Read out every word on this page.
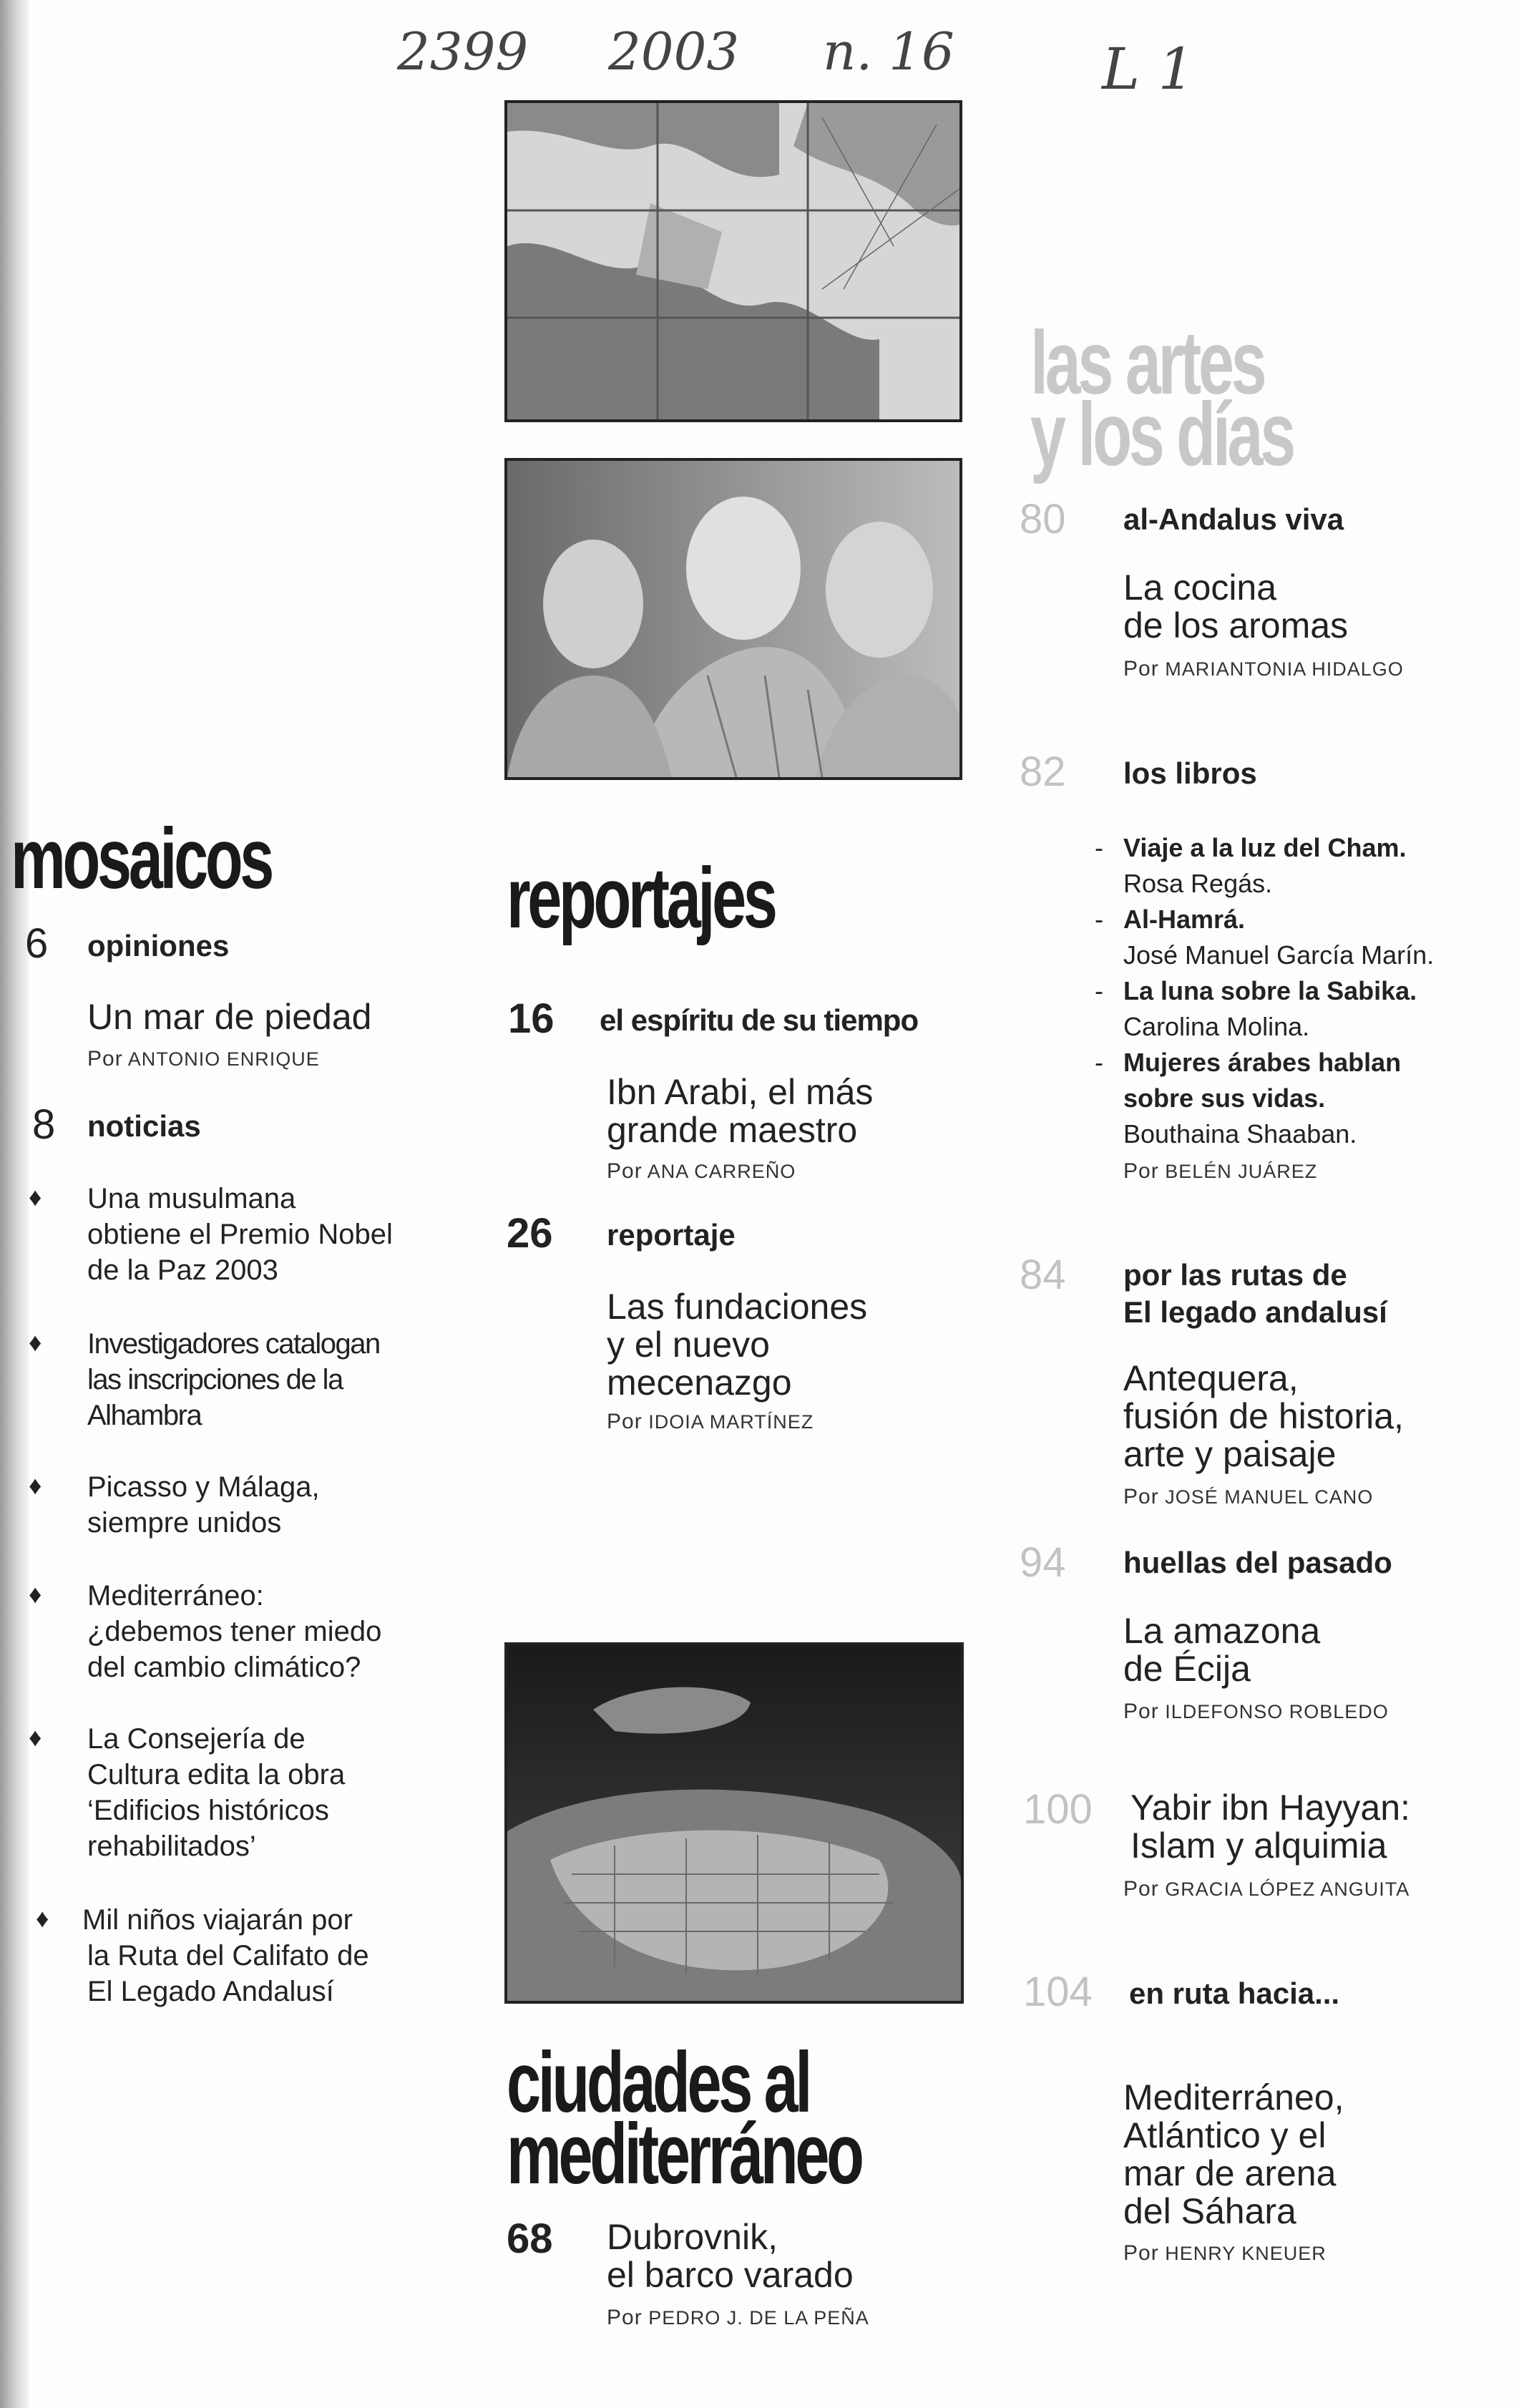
2399 2003 n. 16	L 1
las artes
y los días
80 al-Andalus viva
La cocina
de los aromas
Por MARIANTONIA HIDALGO
82 los libros
- Viaje a la luz del Cham.
Rosa Regás.
- Al-Hamrá.
José Manuel García Marín.
- La luna sobre la Sabika.
Carolina Molina.
- Mujeres árabes hablan
sobre sus vidas.
Bouthaina Shaaban.
Por BELÉN JUÁREZ
84 por las rutas de
El legado andalusí
Antequera,
fusión de historia,
arte y paisaje
Por JOSÉ MANUEL CANO
94 huellas del pasado
La amazona
de Écija
Por ILDEFONSO ROBLEDO
100 Yabir ibn Hayyan:
Islam y alquimia
Por GRACIA LÓPEZ ANGUITA
104 en ruta hacia...
Mediterráneo,
Atlántico y el
mar de arena
del Sáhara
Por HENRY KNEUER
mosaicos
6 opiniones
Un mar de piedad
Por ANTONIO ENRIQUE
8 noticias
♦ Una musulmana
obtiene el Premio Nobel
de la Paz 2003
♦ Investigadores catalogan
las inscripciones de la
Alhambra
♦ Picasso y Málaga,
siempre unidos
♦ Mediterráneo:
¿debemos tener miedo
del cambio climático?
♦ La Consejería de
Cultura edita la obra
‘Edificios históricos
rehabilitados’
♦ Mil niños viajarán por
la Ruta del Califato de
El Legado Andalusí
reportajes
16 el espíritu de su tiempo
Ibn Arabi, el más
grande maestro
Por ANA CARREÑO
26 reportaje
Las fundaciones
y el nuevo
mecenazgo
Por IDOIA MARTÍNEZ
ciudades al
mediterráneo
68 Dubrovnik,
el barco varado
Por PEDRO J. DE LA PEÑA
